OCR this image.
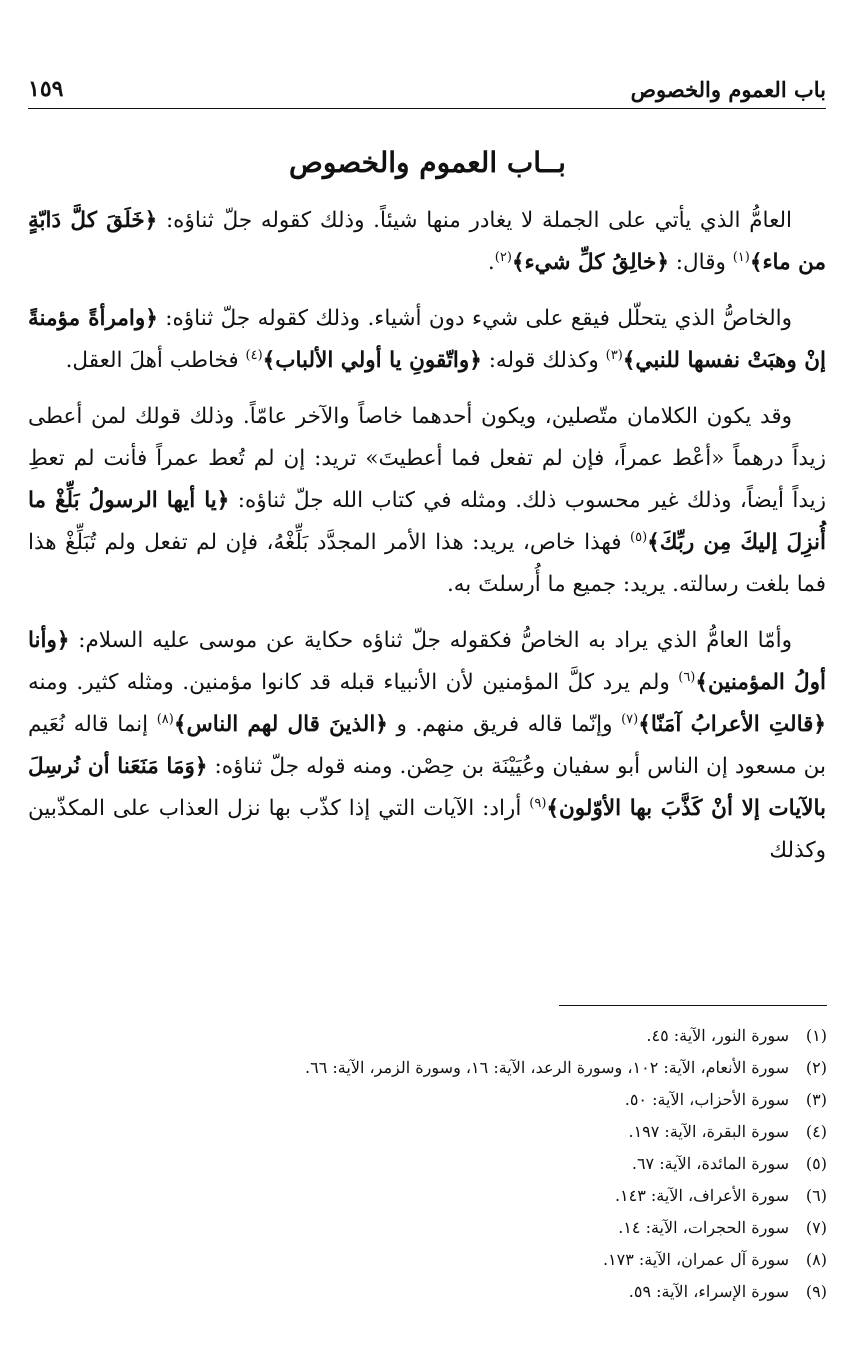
باب العموم والخصوص
١٥٩
بــاب العموم والخصوص

العامُّ الذي يأتي على الجملة لا يغادر منها شيئاً. وذلك كقوله جلّ ثناؤه: ﴿خَلَقَ كلَّ دَابّةٍ من ماء﴾$^{(١)}$ وقال: ﴿خالِقُ كلِّ شيء﴾$^{(٢)}$.

والخاصُّ الذي يتحلّل فيقع على شيء دون أشياء. وذلك كقوله جلّ ثناؤه: ﴿وامرأةً مؤمنةً إنْ وهبَتْ نفسها للنبي﴾$^{(٣)}$ وكذلك قوله: ﴿واتّقونِ يا أولي الألباب﴾$^{(٤)}$ فخاطب أهلَ العقل.

وقد يكون الكلامان متّصلين، ويكون أحدهما خاصاً والآخر عامّاً. وذلك قولك لمن أعطى زيداً درهماً «أعْط عمراً، فإن لم تفعل فما أعطيتَ» تريد: إن لم تُعط عمراً فأنت لم تعطِ زيداً أيضاً، وذلك غير محسوب ذلك. ومثله في كتاب الله جلّ ثناؤه: ﴿يا أيها الرسولُ بَلِّغْ ما أُنزِلَ إليكَ مِن ربِّكَ﴾$^{(٥)}$ فهذا خاص، يريد: هذا الأمر المجدَّد بَلِّغْهُ، فإن لم تفعل ولم تُبَلِّغْ هذا فما بلغت رسالته. يريد: جميع ما أُرسلتَ به.

وأمّا العامُّ الذي يراد به الخاصُّ فكقوله جلّ ثناؤه حكاية عن موسى عليه السلام: ﴿وأنا أولُ المؤمنين﴾$^{(٦)}$ ولم يرد كلَّ المؤمنين لأن الأنبياء قبله قد كانوا مؤمنين. ومثله كثير. ومنه ﴿قالتِ الأعرابُ آمَنّا﴾$^{(٧)}$ وإنّما قاله فريق منهم. و ﴿الذينَ قال لهم الناس﴾$^{(٨)}$ إنما قاله نُعَيم بن مسعود إن الناس أبو سفيان وعُيَيْنَة بن حِصْن. ومنه قوله جلّ ثناؤه: ﴿وَمَا مَنَعَنا أن نُرسِلَ بالآيات إلا أنْ كَذَّبَ بها الأوّلون﴾$^{(٩)}$ أراد: الآيات التي إذا كذّب بها نزل العذاب على المكذّبين وكذلك

(١)
سورة النور، الآية: ٤٥.
(٢)
سورة الأنعام، الآية: ١٠٢، وسورة الرعد، الآية: ١٦، وسورة الزمر، الآية: ٦٦.
(٣)
سورة الأحزاب، الآية: ٥٠.
(٤)
سورة البقرة، الآية: ١٩٧.
(٥)
سورة المائدة، الآية: ٦٧.
(٦)
سورة الأعراف، الآية: ١٤٣.
(٧)
سورة الحجرات، الآية: ١٤.
(٨)
سورة آل عمران، الآية: ١٧٣.
(٩)
سورة الإسراء، الآية: ٥٩.
